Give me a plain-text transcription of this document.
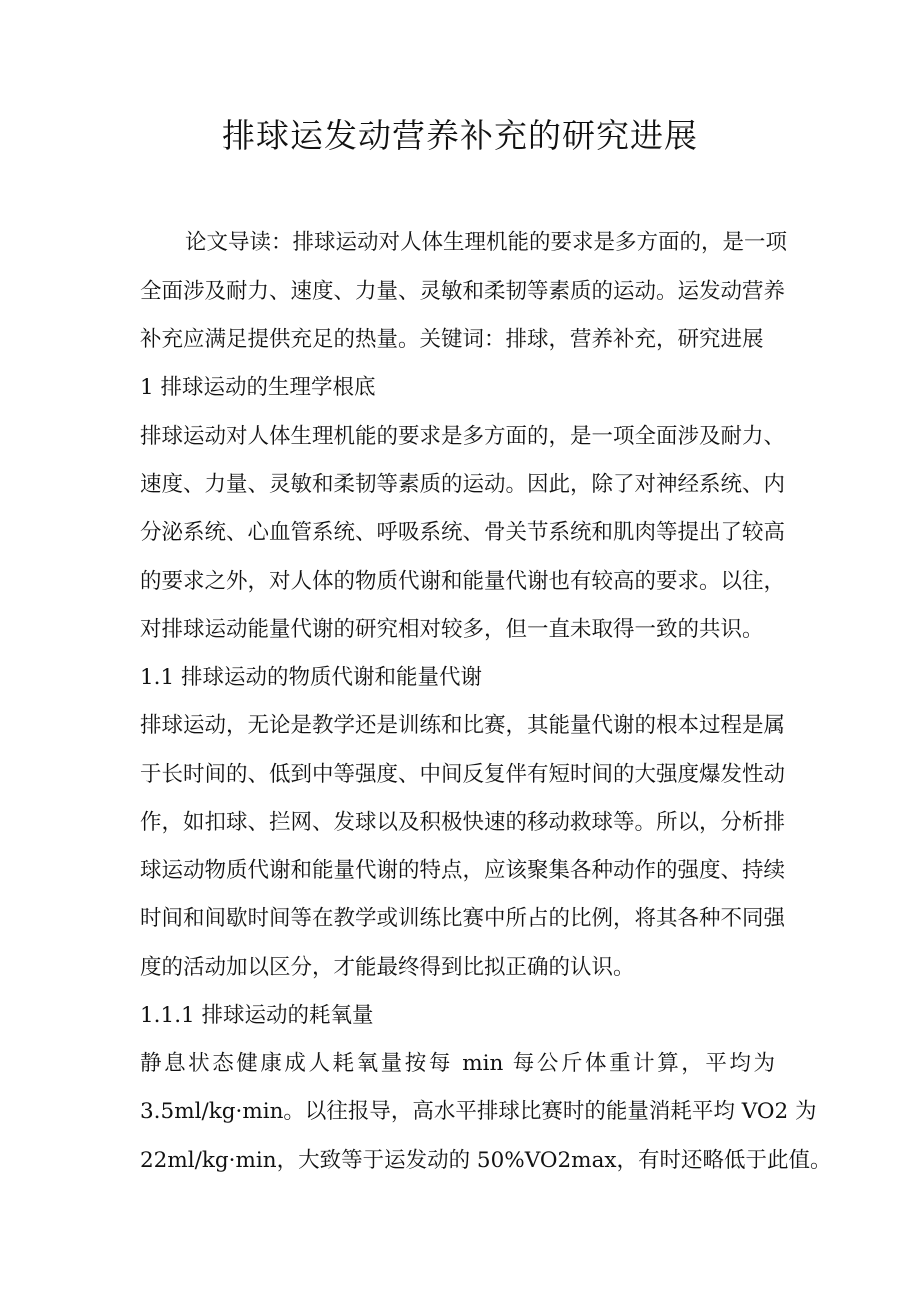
排球运发动营养补充的研究进展

论文导读：排球运动对人体生理机能的要求是多方面的，是一项

全面涉及耐力、速度、力量、灵敏和柔韧等素质的运动。运发动营养

补充应满足提供充足的热量。关键词：排球，营养补充，研究进展

1 排球运动的生理学根底

排球运动对人体生理机能的要求是多方面的，是一项全面涉及耐力、

速度、力量、灵敏和柔韧等素质的运动。因此，除了对神经系统、内

分泌系统、心血管系统、呼吸系统、骨关节系统和肌肉等提出了较高

的要求之外，对人体的物质代谢和能量代谢也有较高的要求。以往，

对排球运动能量代谢的研究相对较多，但一直未取得一致的共识。

1.1 排球运动的物质代谢和能量代谢

排球运动，无论是教学还是训练和比赛，其能量代谢的根本过程是属

于长时间的、低到中等强度、中间反复伴有短时间的大强度爆发性动

作，如扣球、拦网、发球以及积极快速的移动救球等。所以，分析排

球运动物质代谢和能量代谢的特点，应该聚集各种动作的强度、持续

时间和间歇时间等在教学或训练比赛中所占的比例，将其各种不同强

度的活动加以区分，才能最终得到比拟正确的认识。

1.1.1 排球运动的耗氧量

静息状态健康成人耗氧量按每 min 每公斤体重计算，平均为

3.5ml/kg·min。以往报导，高水平排球比赛时的能量消耗平均 VO2 为

22ml/kg·min，大致等于运发动的 50%VO2max，有时还略低于此值。
